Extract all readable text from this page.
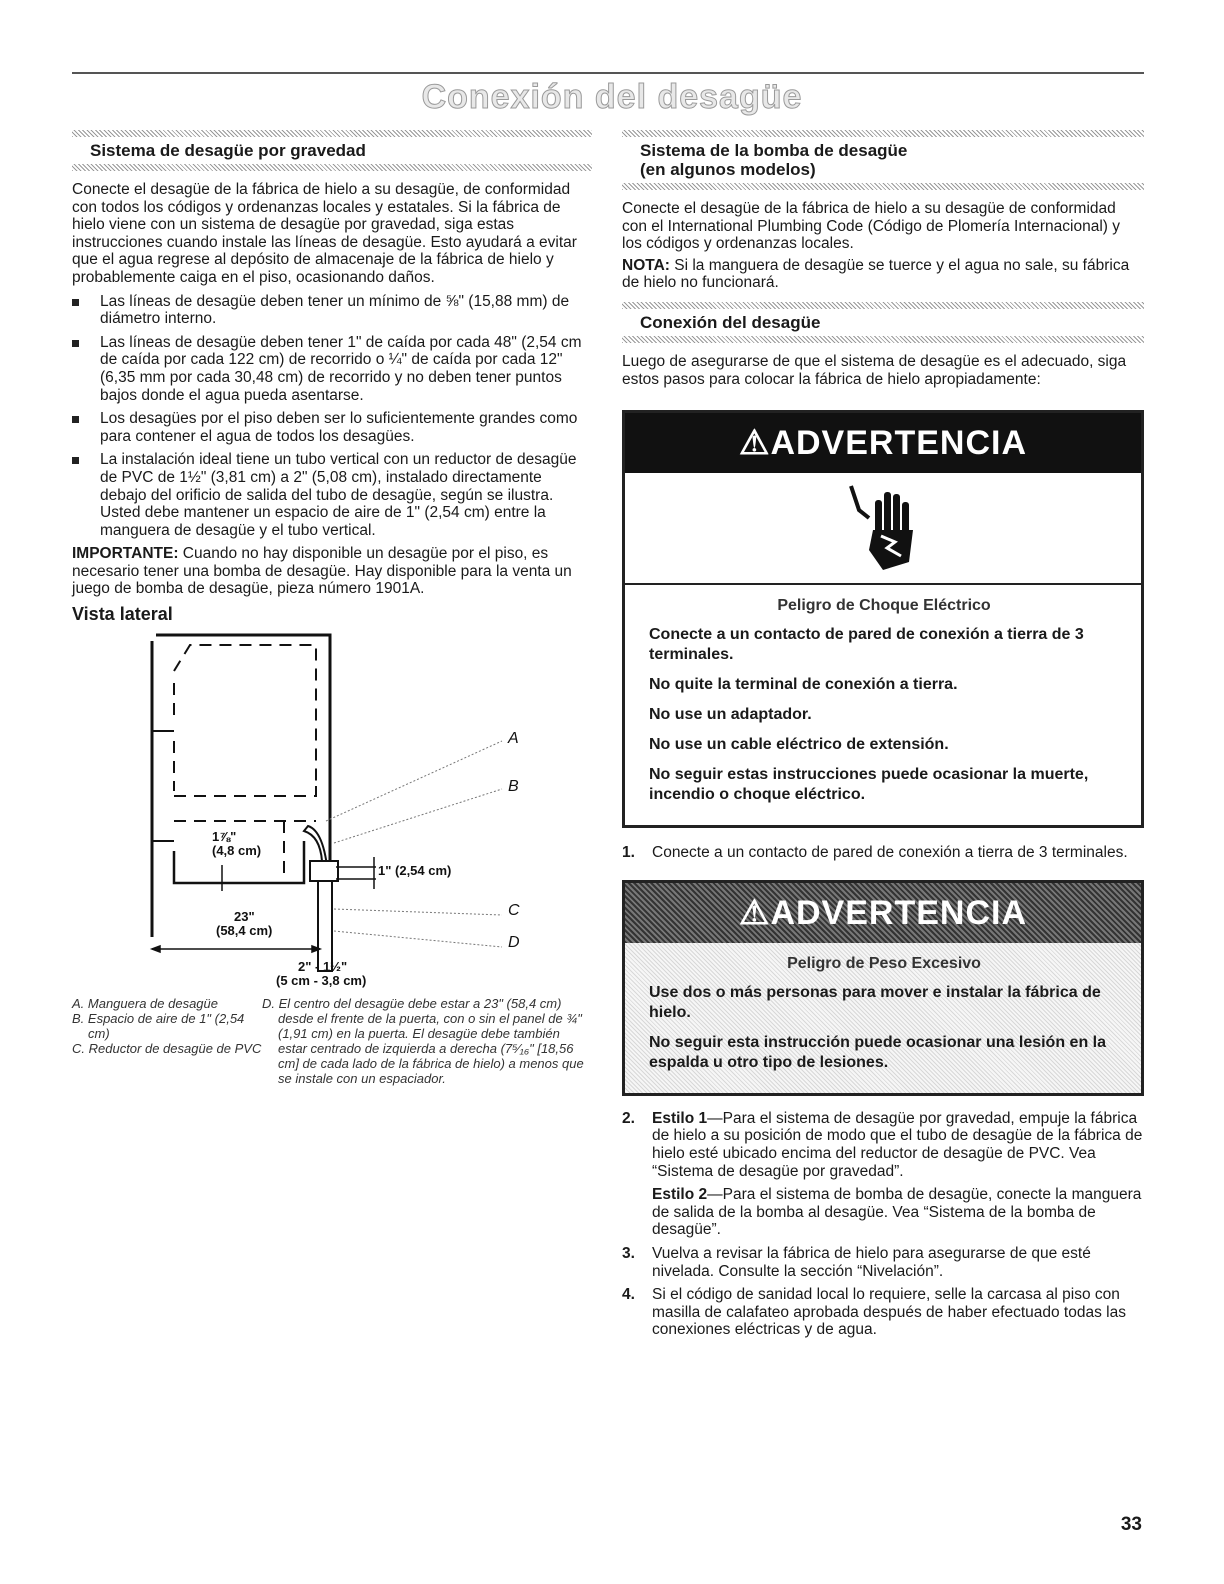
Conexión del desagüe
Sistema de desagüe por gravedad

Conecte el desagüe de la fábrica de hielo a su desagüe, de conformidad con todos los códigos y ordenanzas locales y estatales. Si la fábrica de hielo viene con un sistema de desagüe por gravedad, siga estas instrucciones cuando instale las líneas de desagüe. Esto ayudará a evitar que el agua regrese al depósito de almacenaje de la fábrica de hielo y probablemente caiga en el piso, ocasionando daños.

Las líneas de desagüe deben tener un mínimo de ⅝" (15,88 mm) de diámetro interno.
Las líneas de desagüe deben tener 1" de caída por cada 48" (2,54 cm de caída por cada 122 cm) de recorrido o ¼" de caída por cada 12" (6,35 mm por cada 30,48 cm) de recorrido y no deben tener puntos bajos donde el agua pueda asentarse.
Los desagües por el piso deben ser lo suficientemente grandes como para contener el agua de todos los desagües.
La instalación ideal tiene un tubo vertical con un reductor de desagüe de PVC de 1½" (3,81 cm) a 2" (5,08 cm), instalado directamente debajo del orificio de salida del tubo de desagüe, según se ilustra. Usted debe mantener un espacio de aire de 1" (2,54 cm) entre la manguera de desagüe y el tubo vertical.

IMPORTANTE: Cuando no hay disponible un desagüe por el piso, es necesario tener una bomba de desagüe. Hay disponible para la venta un juego de bomba de desagüe, pieza número 1901A.

Vista lateral
1⅞"
(4,8 cm)
1" (2,54 cm)
23"
(58,4 cm)
2" - 1½"
(5 cm - 3,8 cm)
A
B
C
D
A. Manguera de desagüe
B. Espacio de aire de 1" (2,54 cm)
C. Reductor de desagüe de PVC
D. El centro del desagüe debe estar a 23" (58,4 cm) desde el frente de la puerta, con o sin el panel de ¾" (1,91 cm) en la puerta. El desagüe debe también estar centrado de izquierda a derecha (7⁵⁄₁₆" [18,56 cm] de cada lado de la fábrica de hielo) a menos que se instale con un espaciador.
Sistema de la bomba de desagüe
(en algunos modelos)

Conecte el desagüe de la fábrica de hielo a su desagüe de conformidad con el International Plumbing Code (Código de Plomería Internacional) y los códigos y ordenanzas locales.

NOTA: Si la manguera de desagüe se tuerce y el agua no sale, su fábrica de hielo no funcionará.

Conexión del desagüe

Luego de asegurarse de que el sistema de desagüe es el adecuado, siga estos pasos para colocar la fábrica de hielo apropiadamente:

⚠ADVERTENCIA
Peligro de Choque Eléctrico

Conecte a un contacto de pared de conexión a tierra de 3 terminales.

No quite la terminal de conexión a tierra.

No use un adaptador.

No use un cable eléctrico de extensión.

No seguir estas instrucciones puede ocasionar la muerte, incendio o choque eléctrico.

1. Conecte a un contacto de pared de conexión a tierra de 3 terminales.
⚠ADVERTENCIA
Peligro de Peso Excesivo

Use dos o más personas para mover e instalar la fábrica de hielo.

No seguir esta instrucción puede ocasionar una lesión en la espalda u otro tipo de lesiones.

2. Estilo 1—Para el sistema de desagüe por gravedad, empuje la fábrica de hielo a su posición de modo que el tubo de desagüe de la fábrica de hielo esté ubicado encima del reductor de desagüe de PVC. Vea “Sistema de desagüe por gravedad”.
Estilo 2—Para el sistema de bomba de desagüe, conecte la manguera de salida de la bomba al desagüe. Vea “Sistema de la bomba de desagüe”.
3. Vuelva a revisar la fábrica de hielo para asegurarse de que esté nivelada. Consulte la sección “Nivelación”.
4. Si el código de sanidad local lo requiere, selle la carcasa al piso con masilla de calafateo aprobada después de haber efectuado todas las conexiones eléctricas y de agua.
33
